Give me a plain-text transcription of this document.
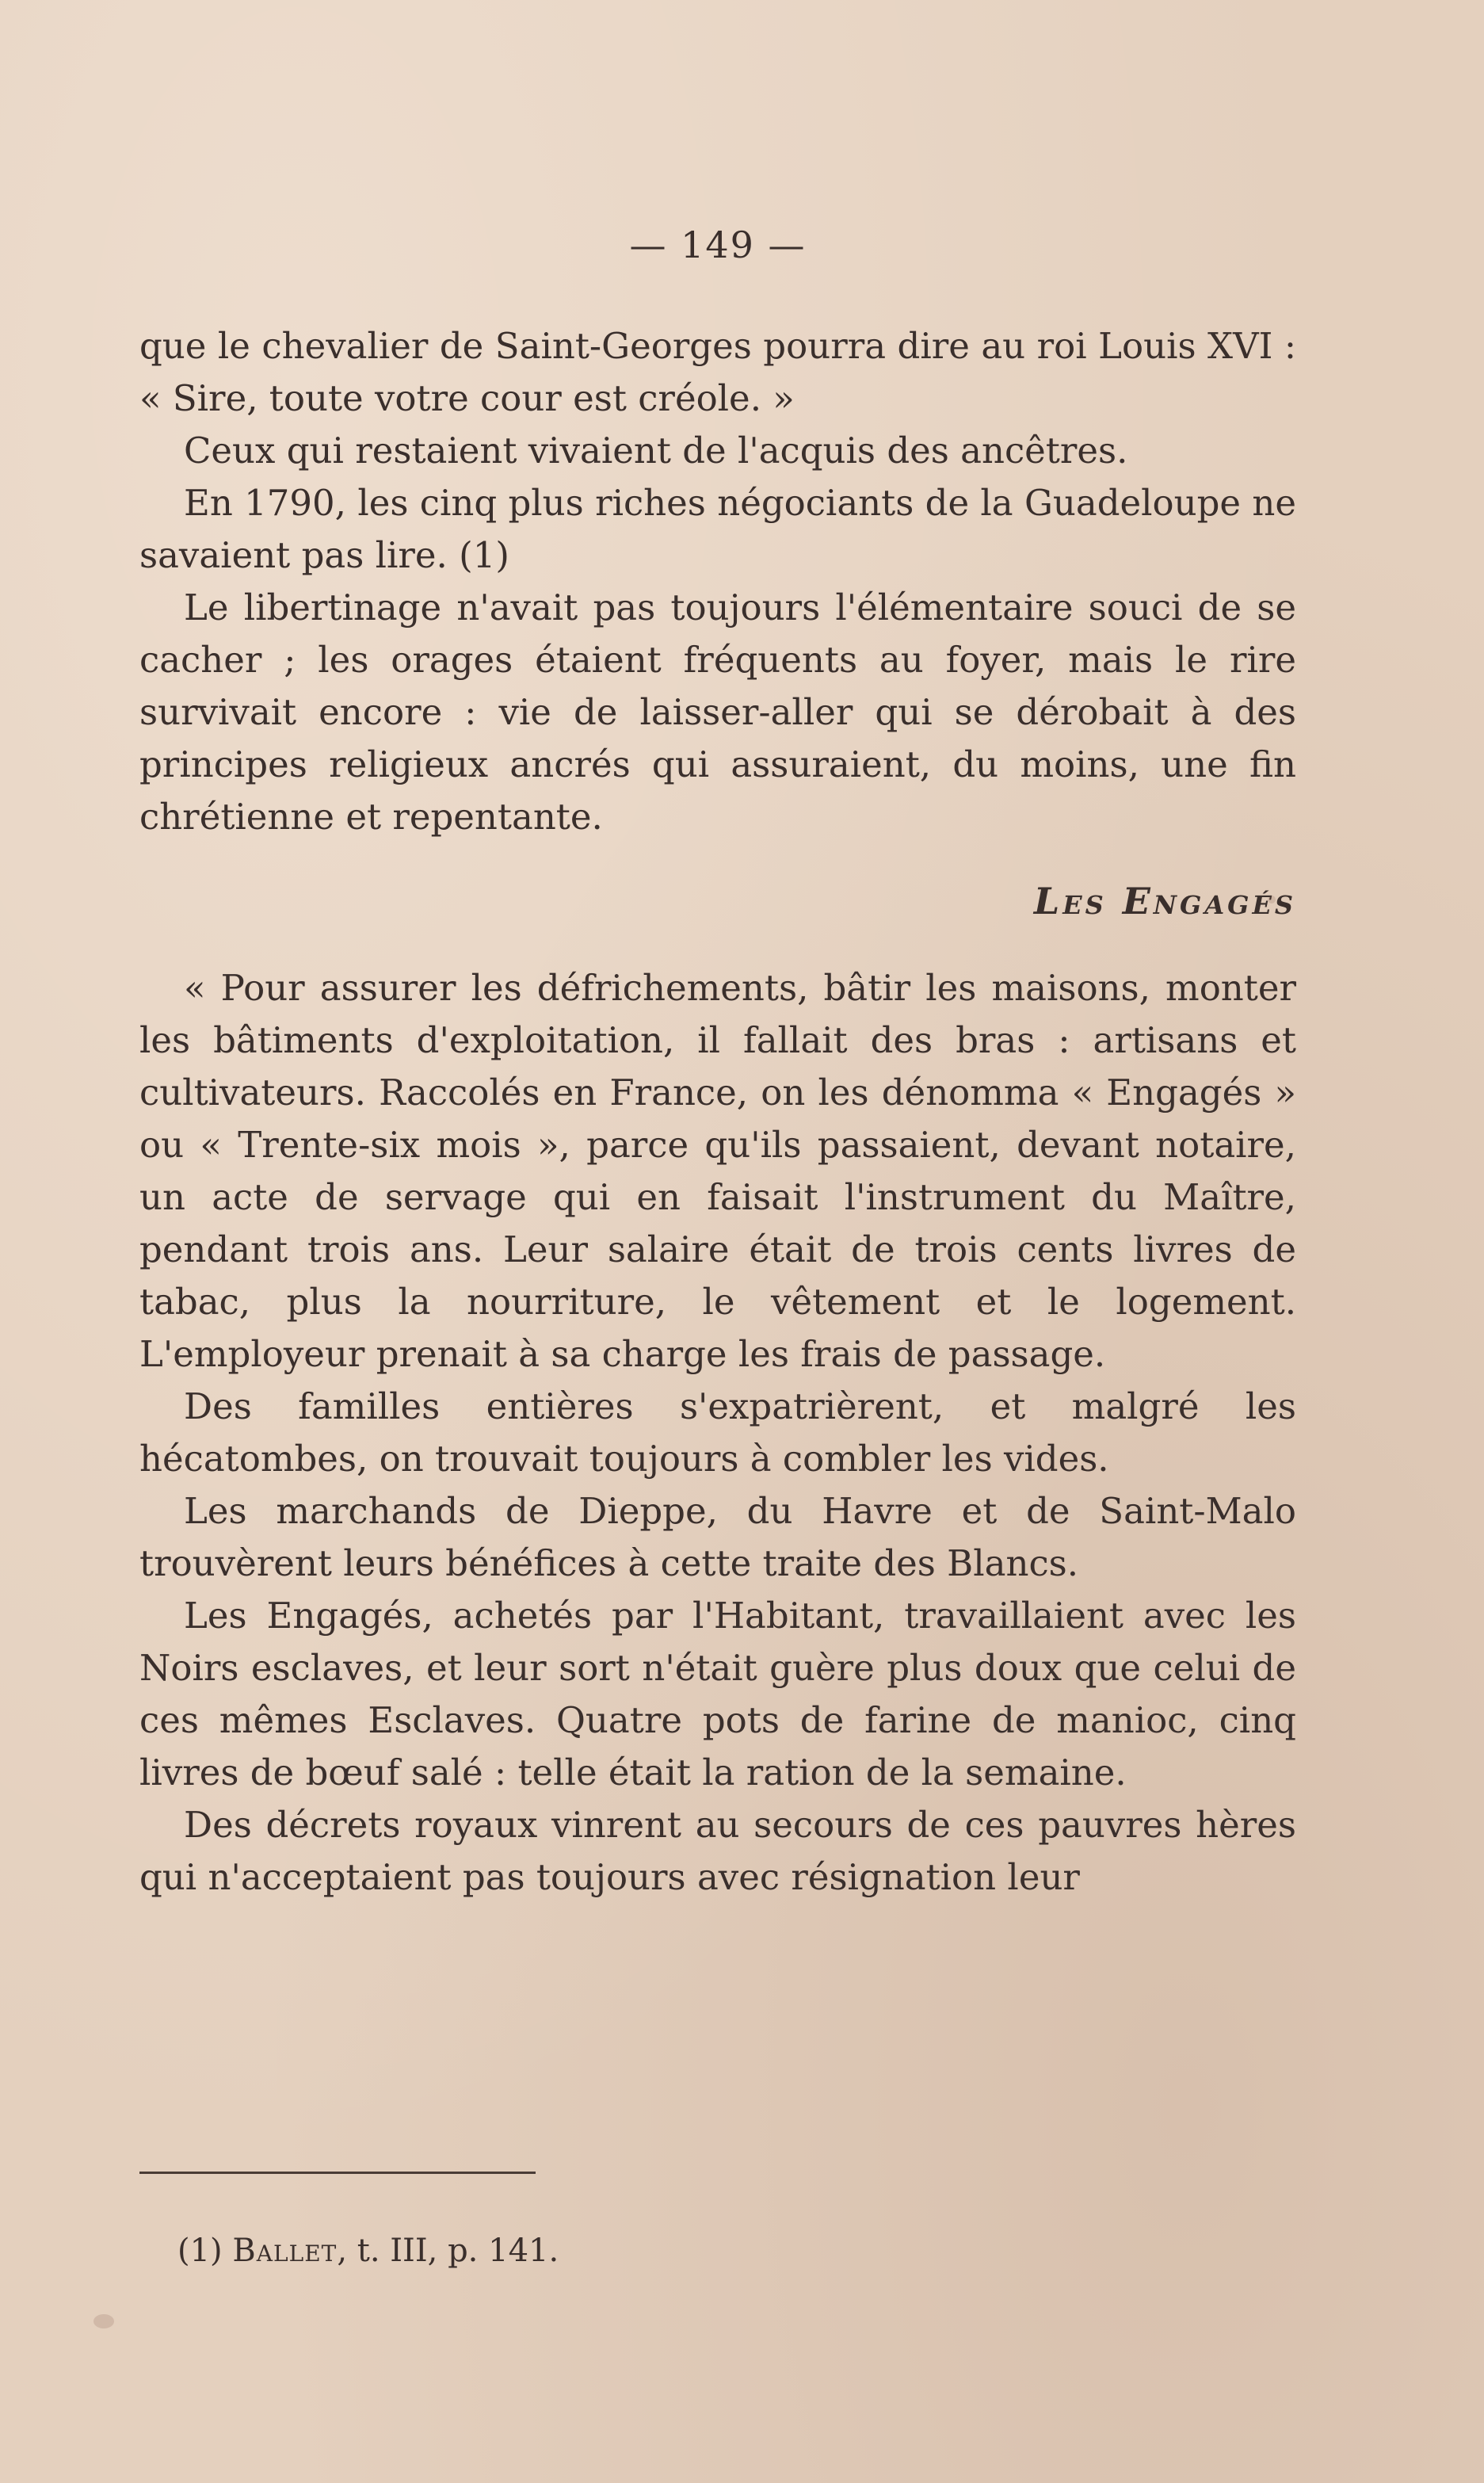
— 149 —

que le chevalier de Saint-Georges pourra dire au roi Louis XVI : « Sire, toute votre cour est créole. »

Ceux qui restaient vivaient de l'acquis des ancêtres.

En 1790, les cinq plus riches négociants de la Guadeloupe ne savaient pas lire. (1)

Le libertinage n'avait pas toujours l'élémentaire souci de se cacher ; les orages étaient fréquents au foyer, mais le rire survivait encore : vie de laisser-aller qui se dérobait à des principes religieux ancrés qui assuraient, du moins, une fin chrétienne et repentante.

Les Engagés

« Pour assurer les défrichements, bâtir les maisons, monter les bâtiments d'exploitation, il fallait des bras : artisans et cultivateurs. Raccolés en France, on les dénomma « Engagés » ou « Trente-six mois », parce qu'ils passaient, devant notaire, un acte de servage qui en faisait l'instrument du Maître, pendant trois ans. Leur salaire était de trois cents livres de tabac, plus la nourriture, le vêtement et le logement. L'employeur prenait à sa charge les frais de passage.

Des familles entières s'expatrièrent, et malgré les hécatombes, on trouvait toujours à combler les vides.

Les marchands de Dieppe, du Havre et de Saint-Malo trouvèrent leurs bénéfices à cette traite des Blancs.

Les Engagés, achetés par l'Habitant, travaillaient avec les Noirs esclaves, et leur sort n'était guère plus doux que celui de ces mêmes Esclaves. Quatre pots de farine de manioc, cinq livres de bœuf salé : telle était la ration de la semaine.

Des décrets royaux vinrent au secours de ces pauvres hères qui n'acceptaient pas toujours avec résignation leur

(1) Ballet, t. III, p. 141.
